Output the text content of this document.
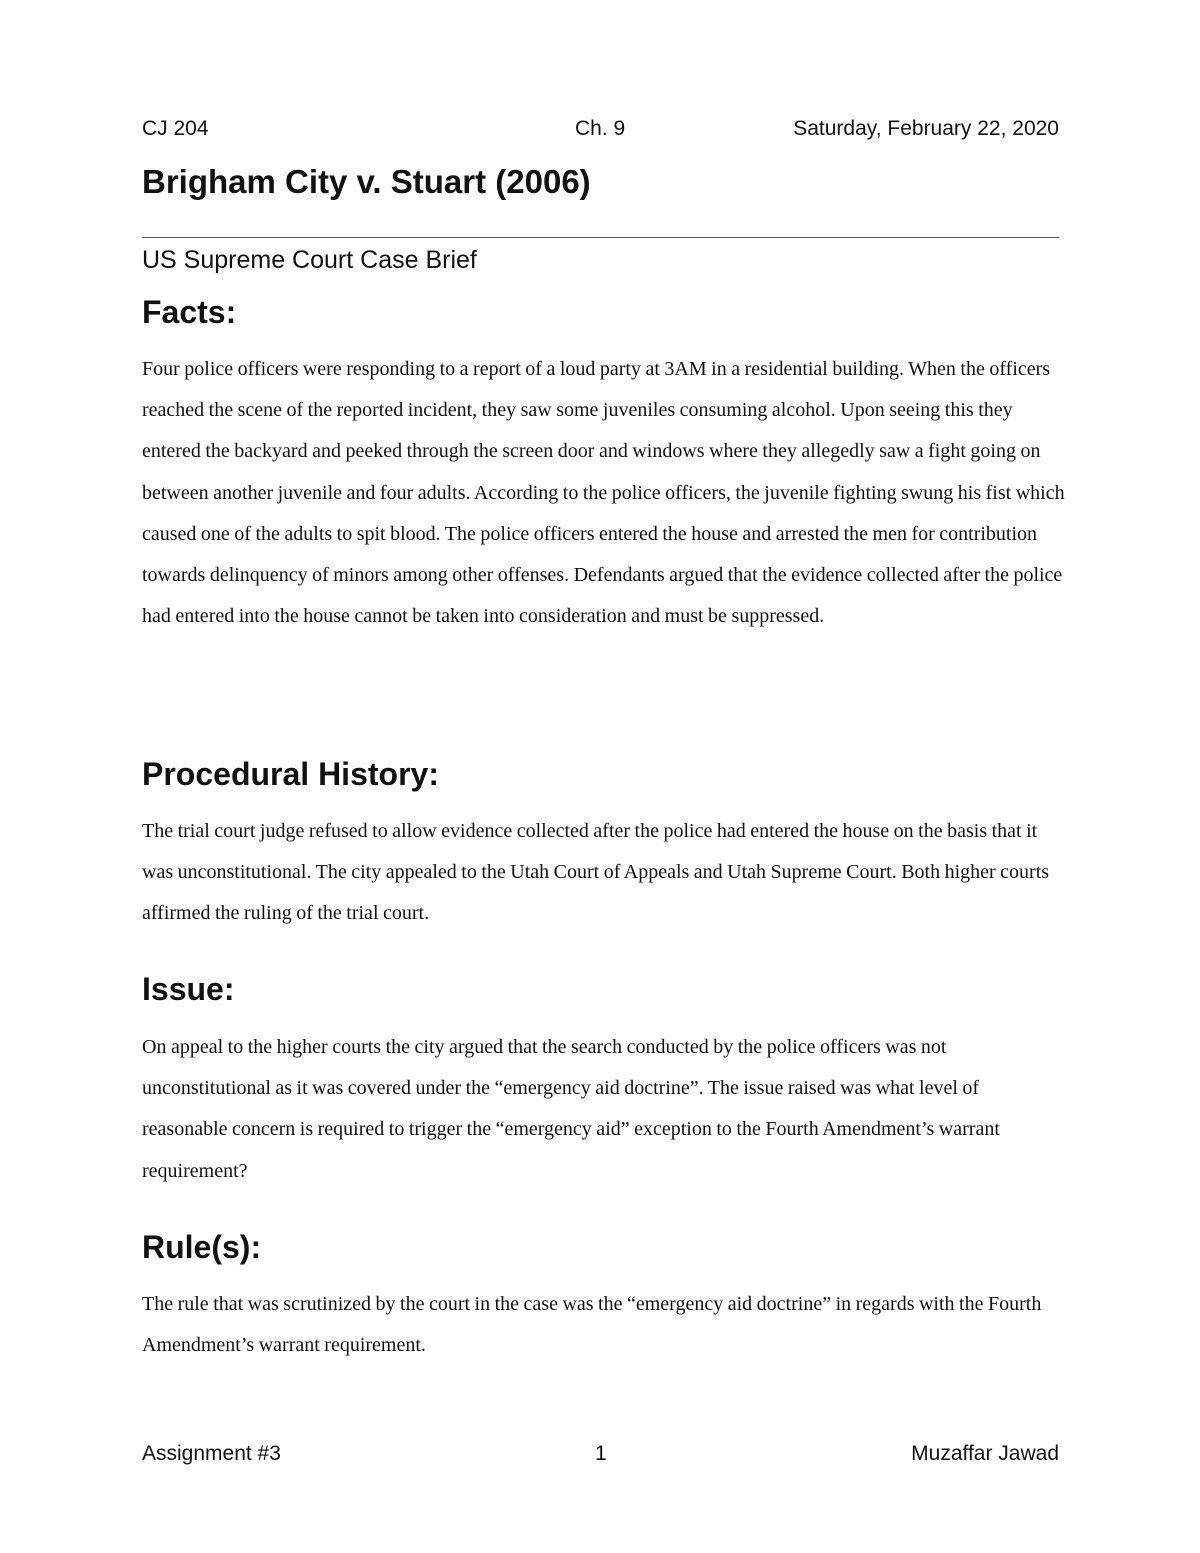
CJ 204	Ch. 9	Saturday, February 22, 2020
Brigham City v. Stuart (2006)
US Supreme Court Case Brief
Facts:

Four police officers were responding to a report of a loud party at 3AM in a residential building. When the officers reached the scene of the reported incident, they saw some juveniles consuming alcohol. Upon seeing this they entered the backyard and peeked through the screen door and windows where they allegedly saw a fight going on between another juvenile and four adults. According to the police officers, the juvenile fighting swung his fist which caused one of the adults to spit blood. The police officers entered the house and arrested the men for contribution towards delinquency of minors among other offenses. Defendants argued that the evidence collected after the police had entered into the house cannot be taken into consideration and must be suppressed.

Procedural History:

The trial court judge refused to allow evidence collected after the police had entered the house on the basis that it was unconstitutional. The city appealed to the Utah Court of Appeals and Utah Supreme Court. Both higher courts affirmed the ruling of the trial court.

Issue:

On appeal to the higher courts the city argued that the search conducted by the police officers was not unconstitutional as it was covered under the “emergency aid doctrine”. The issue raised was what level of reasonable concern is required to trigger the “emergency aid” exception to the Fourth Amendment’s warrant requirement?

Rule(s):

The rule that was scrutinized by the court in the case was the “emergency aid doctrine” in regards with the Fourth Amendment’s warrant requirement.

Assignment #3	1	Muzaffar Jawad
